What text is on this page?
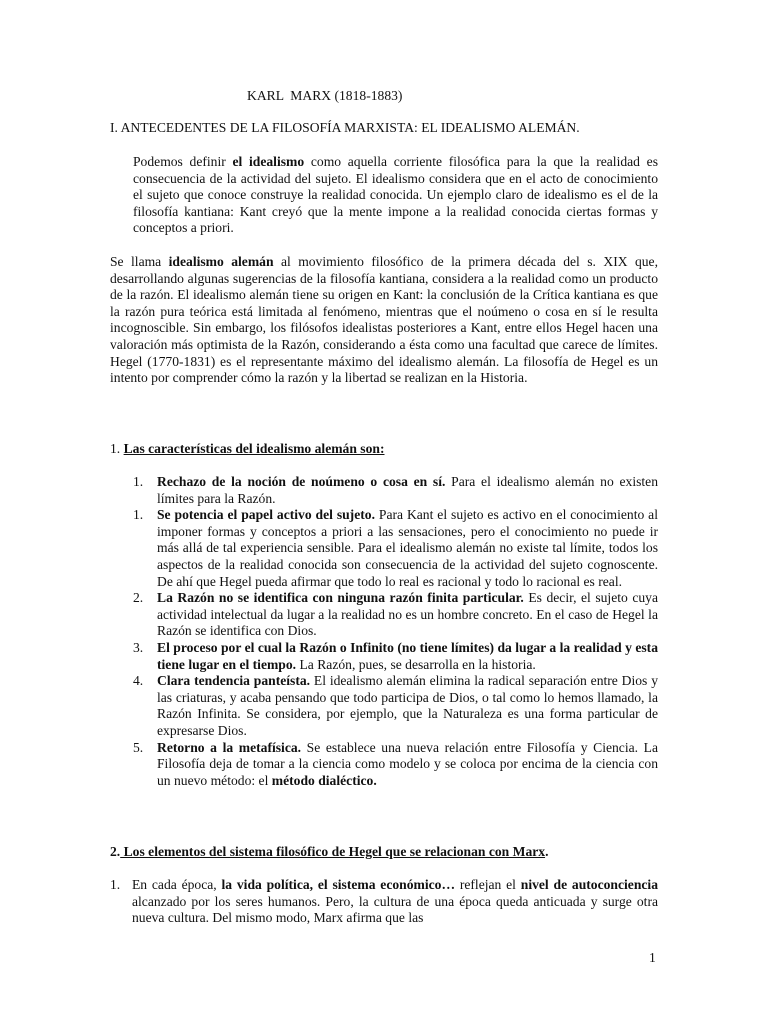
KARL  MARX (1818-1883)
I. ANTECEDENTES DE LA FILOSOFÍA MARXISTA: EL IDEALISMO ALEMÁN.
Podemos definir el idealismo como aquella corriente filosófica para la que la realidad es consecuencia de la actividad del sujeto. El idealismo considera que en el acto de conocimiento el sujeto que conoce construye la realidad conocida. Un ejemplo claro de idealismo es el de la filosofía kantiana: Kant creyó que la mente impone a la realidad conocida ciertas formas y conceptos a priori.
Se llama idealismo alemán al movimiento filosófico de la primera década del s. XIX que, desarrollando algunas sugerencias de la filosofía kantiana, considera a la realidad como un producto de la razón. El idealismo alemán tiene su origen en Kant: la conclusión de la Crítica kantiana es que la razón pura teórica está limitada al fenómeno, mientras que el noúmeno o cosa en sí le resulta incognoscible. Sin embargo, los filósofos idealistas posteriores a Kant, entre ellos Hegel hacen una valoración más optimista de la Razón, considerando a ésta como una facultad que carece de límites. Hegel (1770-1831) es el representante máximo del idealismo alemán. La filosofía de Hegel es un intento por comprender cómo la razón y la libertad se realizan en la Historia.
1. Las características del idealismo alemán son:
1. Rechazo de la noción de noúmeno o cosa en sí. Para el idealismo alemán no existen límites para la Razón.
1. Se potencia el papel activo del sujeto. Para Kant el sujeto es activo en el conocimiento al imponer formas y conceptos a priori a las sensaciones, pero el conocimiento no puede ir más allá de tal experiencia sensible. Para el idealismo alemán no existe tal límite, todos los aspectos de la realidad conocida son consecuencia de la actividad del sujeto cognoscente. De ahí que Hegel pueda afirmar que todo lo real es racional y todo lo racional es real.
2. La Razón no se identifica con ninguna razón finita particular. Es decir, el sujeto cuya actividad intelectual da lugar a la realidad no es un hombre concreto. En el caso de Hegel la Razón se identifica con Dios.
3. El proceso por el cual la Razón o Infinito (no tiene límites) da lugar a la realidad y esta tiene lugar en el tiempo. La Razón, pues, se desarrolla en la historia.
4. Clara tendencia panteísta. El idealismo alemán elimina la radical separación entre Dios y las criaturas, y acaba pensando que todo participa de Dios, o tal como lo hemos llamado, la Razón Infinita. Se considera, por ejemplo, que la Naturaleza es una forma particular de expresarse Dios.
5. Retorno a la metafísica. Se establece una nueva relación entre Filosofía y Ciencia. La Filosofía deja de tomar a la ciencia como modelo y se coloca por encima de la ciencia con un nuevo método: el método dialéctico.
2. Los elementos del sistema filosófico de Hegel que se relacionan con Marx.
1. En cada época, la vida política, el sistema económico… reflejan el nivel de autoconciencia alcanzado por los seres humanos. Pero, la cultura de una época queda anticuada y surge otra nueva cultura. Del mismo modo, Marx afirma que las
1
